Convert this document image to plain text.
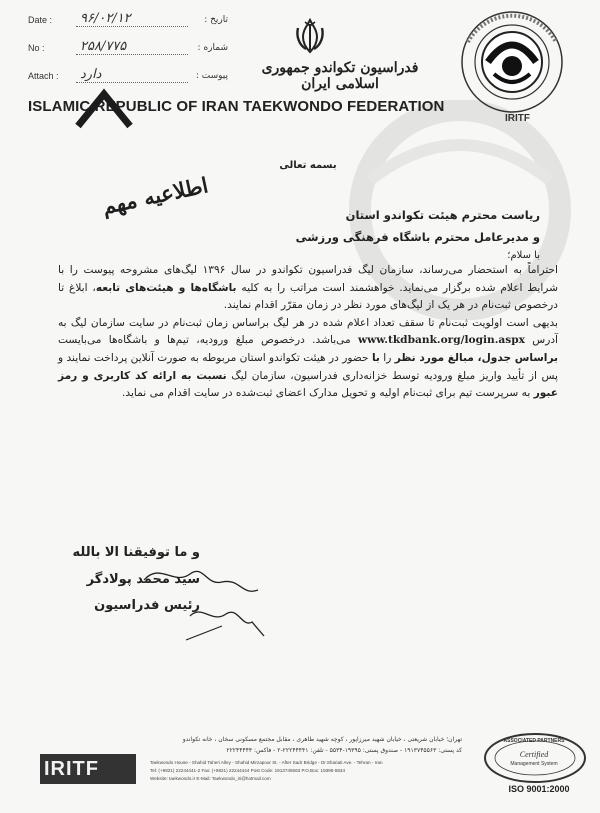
Date : ۹۶/۰۲/۱۲	تاریخ :
No :	۲۵۸/۷۷۵	شماره :
Attach : دارد	پیوست :	فدراسیون تکواندو جمهوری اسلامی ایران
ISLAMIC REPUBLIC OF IRAN TAEKWONDO FEDERATION
IRITF
بسمه تعالی
اطلاعیه مهم	ریاست محترم هیئت تکواندو استان
و مدیرعامل محترم باشگاه فرهنگی ورزشی
با سلام؛
احتراماً به استحضار می‌رساند، سازمان لیگ فدراسیون تکواندو در سال ۱۳۹۶ لیگ‌های مشروحه پیوست را با شرایط اعلام شده برگزار می‌نماید. خواهشمند است مراتب را به کلیه باشگاه‌ها و هیئت‌های تابعه، ابلاغ تا درخصوص ثبت‌نام در هر یک از لیگ‌های مورد نظر در زمان مقرّر اقدام نمایند.
بدیهی است اولویت ثبت‌نام تا سقف تعداد اعلام شده در هر لیگ براساس زمان ثبت‌نام در سایت سازمان لیگ به آدرس www.tkdbank.org/login.aspx می‌باشد. درخصوص مبلغ ورودیه، تیم‌ها و باشگاه‌ها می‌بایست براساس جدول، مبالغ مورد نظر را با حضور در هیئت تکواندو استان مربوطه به صورت آنلاین پرداخت نمایند و پس از تأیید واریز مبلغ ورودیه توسط خزانه‌داری فدراسیون، سازمان لیگ نسبت به ارائه کد کاربری و رمز عبور به سرپرست تیم برای ثبت‌نام اولیه و تحویل مدارک اعضای ثبت‌شده در سایت اقدام می نماید.
و ما توفیقنا الا بالله
سید محمد پولادگر
رئیس فدراسیون
IRITF
تهران؛ خیابان شریعتی ، خیابان شهید میرزاپور ، کوچه شهید طاهری ، مقابل مجتمع مسکونی سخان ، خانه تکواندو
کد پستی: ۱۹۱۳۷۴۵۵۶۳ - صندوق پستی: ۱۹۳۹۵-۵۵۳۴ - تلفن: ۲۲۲۴۴۴۴۱-۲ - فاکس: ۲۲۲۴۴۴۴۴
Taekwondo House - Shahid Taheri Alley - Shahid Mirzapour St. - After Sadr Bridge - Dr.Shariati Ave. - Tehran - Iran
Tel: (+9821) 22244441-2 Fax: (+9821) 22244444 Post Code: 1913745563 P.O.Box: 19395-5534
Website: taekwondo.ir E-Mail: Taekwondo_iri@hotmail.com
ASSOCIATED PARTNERS
Certified
Management System
ISO 9001:2000
